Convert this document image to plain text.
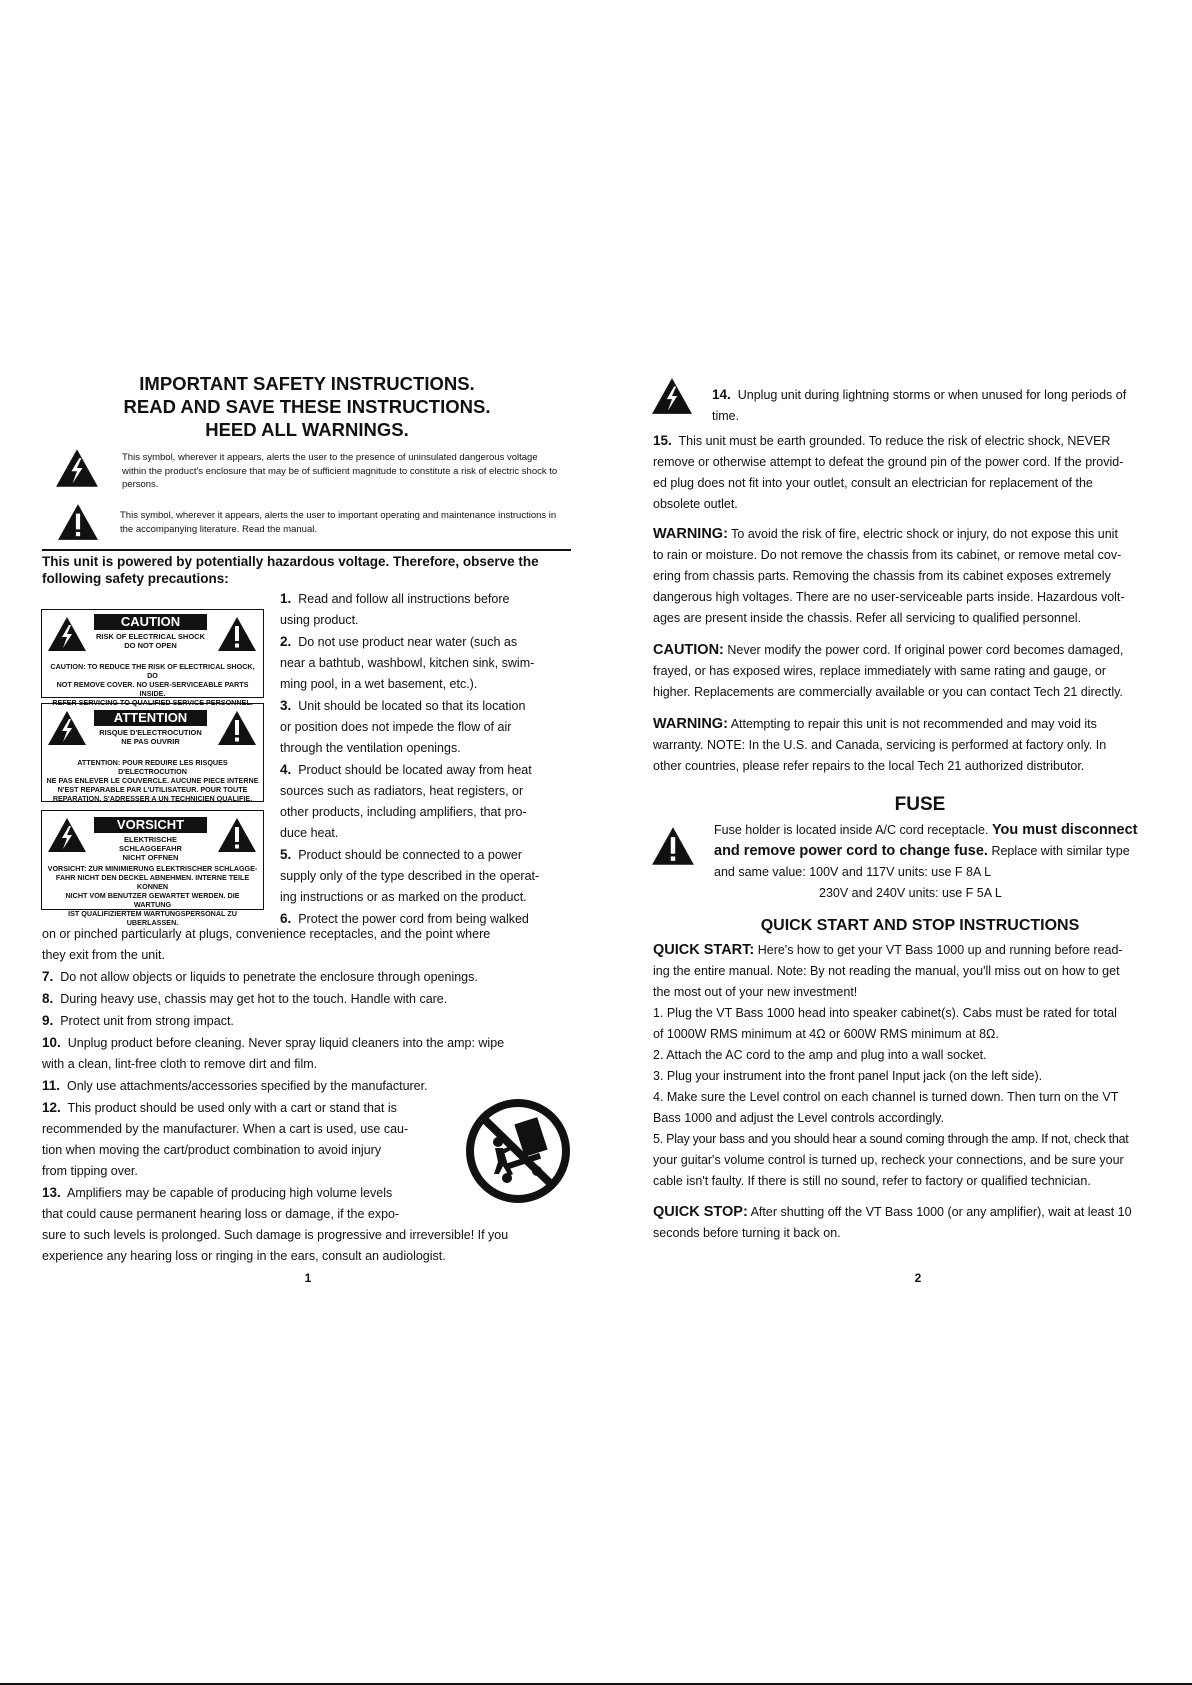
IMPORTANT SAFETY INSTRUCTIONS.
READ AND SAVE THESE INSTRUCTIONS.
HEED ALL WARNINGS.

This symbol, wherever it appears, alerts the user to the presence of uninsulated dangerous voltage within the product's enclosure that may be of sufficient magnitude to constitute a risk of electric shock to persons.

This symbol, wherever it appears, alerts the user to important operating and maintenance instructions in the accompanying literature. Read the manual.

This unit is powered by potentially hazardous voltage. Therefore, observe the following safety precautions:

CAUTION
RISK OF ELECTRICAL SHOCK
DO NOT OPEN
CAUTION: TO REDUCE THE RISK OF ELECTRICAL SHOCK, DO
NOT REMOVE COVER. NO USER-SERVICEABLE PARTS INSIDE.
REFER SERVICING TO QUALIFIED SERVICE PERSONNEL.
ATTENTION
RISQUE D'ELECTROCUTION
NE PAS OUVRIR
ATTENTION: POUR REDUIRE LES RISQUES D'ELECTROCUTION
NE PAS ENLEVER LE COUVERCLE. AUCUNE PIECE INTERNE
N'EST REPARABLE PAR L'UTILISATEUR. POUR TOUTE
REPARATION, S'ADRESSER A UN TECHNICIEN QUALIFIE.
VORSICHT
ELEKTRISCHE SCHLAGGEFAHR
NICHT OFFNEN
VORSICHT: ZUR MINIMIERUNG ELEKTRISCHER SCHLAGGE-
FAHR NICHT DEN DECKEL ABNEHMEN. INTERNE TEILE KONNEN
NICHT VOM BENUTZER GEWARTET WERDEN. DIE WARTUNG
IST QUALIFIZIERTEM WARTUNGSPERSONAL ZU UBERLASSEN.

1. Read and follow all instructions before

using product.

2. Do not use product near water (such as

near a bathtub, washbowl, kitchen sink, swim-

ming pool, in a wet basement, etc.).

3. Unit should be located so that its location

or position does not impede the flow of air

through the ventilation openings.

4. Product should be located away from heat

sources such as radiators, heat registers, or

other products, including amplifiers, that pro-

duce heat.

5. Product should be connected to a power

supply only of the type described in the operat-

ing instructions or as marked on the product.

6. Protect the power cord from being walked

on or pinched particularly at plugs, convenience receptacles, and the point where

they exit from the unit.

7. Do not allow objects or liquids to penetrate the enclosure through openings.

8. During heavy use, chassis may get hot to the touch. Handle with care.

9. Protect unit from strong impact.

10. Unplug product before cleaning. Never spray liquid cleaners into the amp: wipe

with a clean, lint-free cloth to remove dirt and film.

11. Only use attachments/accessories specified by the manufacturer.

12. This product should be used only with a cart or stand that is

recommended by the manufacturer. When a cart is used, use cau-

tion when moving the cart/product combination to avoid injury

from tipping over.

13. Amplifiers may be capable of producing high volume levels

that could cause permanent hearing loss or damage, if the expo-

sure to such levels is prolonged. Such damage is progressive and irreversible! If you

experience any hearing loss or ringing in the ears, consult an audiologist.

1

14. Unplug unit during lightning storms or when unused for long periods of

time.

15. This unit must be earth grounded. To reduce the risk of electric shock, NEVER

remove or otherwise attempt to defeat the ground pin of the power cord. If the provid-

ed plug does not fit into your outlet, consult an electrician for replacement of the

obsolete outlet.

WARNING: To avoid the risk of fire, electric shock or injury, do not expose this unit

to rain or moisture. Do not remove the chassis from its cabinet, or remove metal cov-

ering from chassis parts. Removing the chassis from its cabinet exposes extremely

dangerous high voltages. There are no user-serviceable parts inside. Hazardous volt-

ages are present inside the chassis. Refer all servicing to qualified personnel.

CAUTION: Never modify the power cord. If original power cord becomes damaged,

frayed, or has exposed wires, replace immediately with same rating and gauge, or

higher. Replacements are commercially available or you can contact Tech 21 directly.

WARNING: Attempting to repair this unit is not recommended and may void its

warranty. NOTE: In the U.S. and Canada, servicing is performed at factory only. In

other countries, please refer repairs to the local Tech 21 authorized distributor.

FUSE

Fuse holder is located inside A/C cord receptacle. You must disconnect

and remove power cord to change fuse. Replace with similar type

and same value: 100V and 117V units: use F 8A L

230V and 240V units: use F 5A L

QUICK START AND STOP INSTRUCTIONS

QUICK START: Here's how to get your VT Bass 1000 up and running before read-

ing the entire manual. Note: By not reading the manual, you'll miss out on how to get

the most out of your new investment!

1. Plug the VT Bass 1000 head into speaker cabinet(s). Cabs must be rated for total

of 1000W RMS minimum at 4Ω or 600W RMS minimum at 8Ω.

2. Attach the AC cord to the amp and plug into a wall socket.

3. Plug your instrument into the front panel Input jack (on the left side).

4. Make sure the Level control on each channel is turned down. Then turn on the VT

Bass 1000 and adjust the Level controls accordingly.

5. Play your bass and you should hear a sound coming through the amp. If not, check that

your guitar's volume control is turned up, recheck your connections, and be sure your

cable isn't faulty. If there is still no sound, refer to factory or qualified technician.

QUICK STOP: After shutting off the VT Bass 1000 (or any amplifier), wait at least 10

seconds before turning it back on.

2
